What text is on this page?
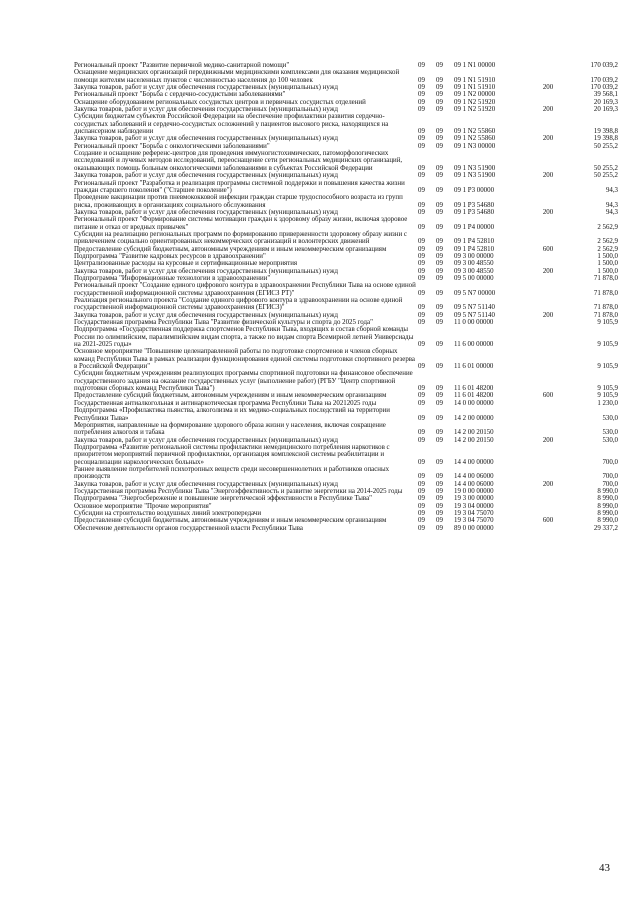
Региональный проект "Развитие первичной медико-санитарной помощи"	09	09	09 1 N1 00000		170 039,2
Оснащение медицинских организаций передвижными медицинскими комплексами для оказания медицинской помощи жителям населенных пунктов с численностью населения до 100 человек	09	09	09 1 N1 51910		170 039,2
Закупка товаров, работ и услуг для обеспечения государственных (муниципальных) нужд	09	09	09 1 N1 51910	200	170 039,2
Региональный проект "Борьба с сердечно-сосудистыми заболеваниями"	09	09	09 1 N2 00000		39 568,1
Оснащение оборудованием региональных сосудистых центров и первичных сосудистых отделений	09	09	09 1 N2 51920		20 169,3
Закупка товаров, работ и услуг для обеспечения государственных (муниципальных) нужд	09	09	09 1 N2 51920	200	20 169,3
Субсидии бюджетам субъектов Российской Федерации на обеспечение профилактики развития сердечно-сосудистых заболеваний и сердечно-сосудистых осложнений у пациентов высокого риска, находящихся на диспансерном наблюдении	09	09	09 1 N2 55860		19 398,8
Закупка товаров, работ и услуг для обеспечения государственных (муниципальных) нужд	09	09	09 1 N2 55860	200	19 398,8
Региональный проект "Борьба с онкологическими заболеваниями"	09	09	09 1 N3 00000		50 255,2
Создание и оснащение референс-центров для проведения иммуногистохимических, патоморфологических исследований и лучевых методов исследований, переоснащение сети региональных медицинских организаций, оказывающих помощь больным онкологическими заболеваниями в субъектах Российской Федерации	09	09	09 1 N3 51900		50 255,2
Закупка товаров, работ и услуг для обеспечения государственных (муниципальных) нужд	09	09	09 1 N3 51900	200	50 255,2
Региональный проект "Разработка и реализация программы системной поддержки и повышения качества жизни граждан старшего поколения" ("Старшее поколение")	09	09	09 1 P3 00000		94,3
Проведение вакцинации против пневмококковой инфекции граждан старше трудоспособного возраста из групп риска, проживающих в организациях социального обслуживания	09	09	09 1 P3 54680		94,3
Закупка товаров, работ и услуг для обеспечения государственных (муниципальных) нужд	09	09	09 1 P3 54680	200	94,3
Региональный проект "Формирование системы мотивации граждан к здоровому образу жизни, включая здоровое питание и отказ от вредных привычек"	09	09	09 1 P4 00000		2 562,9
Субсидии на реализацию региональных программ по формированию приверженности здоровому образу жизни с привлечением социально ориентированных некоммерческих организаций и волонтерских движений	09	09	09 1 P4 52810		2 562,9
Предоставление субсидий бюджетным, автономным учреждениям и иным некоммерческим организациям	09	09	09 1 P4 52810	600	2 562,9
Подпрограмма "Развитие кадровых ресурсов в здравоохранении"	09	09	09 3 00 00000		1 500,0
Централизованные расходы на курсовые и сертификационные мероприятия	09	09	09 3 00 48550		1 500,0
Закупка товаров, работ и услуг для обеспечения государственных (муниципальных) нужд	09	09	09 3 00 48550	200	1 500,0
Подпрограмма "Информационные технологии в здравоохранении"	09	09	09 5 00 00000		71 878,0
Региональный проект "Создание единого цифрового контура в здравоохранении Республики Тыва на основе единой государственной информационной системы здравоохранения (ЕГИСЗ РТ)"	09	09	09 5 N7 00000		71 878,0
Реализация регионального проекта "Создание единого цифрового контура в здравоохранении на основе единой государственной информационной системы здравоохранения (ЕГИСЗ)"	09	09	09 5 N7 51140		71 878,0
Закупка товаров, работ и услуг для обеспечения государственных (муниципальных) нужд	09	09	09 5 N7 51140	200	71 878,0
Государственная программа Республики Тыва "Развитие физической культуры и спорта до 2025 года"	09	09	11 0 00 00000		9 105,9
Подпрограмма «Государственная поддержка спортсменов Республики Тыва, входящих в состав сборной команды России по олимпийским, паралимпийским видам спорта, а также по видам спорта Всемирной летней Универсиады на 2021-2025 годы»	09	09	11 6 00 00000		9 105,9
Основное мероприятие "Повышение целенаправленной работы по подготовке спортсменов и членов сборных команд Республики Тыва в рамках реализации функционирования единой системы подготовки спортивного резерва в Российской Федерации"	09	09	11 6 01 00000		9 105,9
Субсидии бюджетным учреждениям реализующих программы спортивной подготовки на финансовое обеспечение государственного задания на оказание государственных услуг (выполнение работ) (РГБУ "Центр спортивной подготовки сборных команд Республики Тыва")	09	09	11 6 01 48200		9 105,9
Предоставление субсидий бюджетным, автономным учреждениям и иным некоммерческим организациям	09	09	11 6 01 48200	600	9 105,9
Государственная антиалкогольная и антинаркотическая программа Республики Тыва на 20212025 годы	09	09	14 0 00 00000		1 230,0
Подпрограмма «Профилактика пьянства, алкоголизма и их медико-социальных последствий на территории Республики Тыва»	09	09	14 2 00 00000		530,0
Мероприятия, направленные на формирование здорового образа жизни у населения, включая сокращение потребления алкоголя и табака	09	09	14 2 00 20150		530,0
Закупка товаров, работ и услуг для обеспечения государственных (муниципальных) нужд	09	09	14 2 00 20150	200	530,0
Подпрограмма «Развитие региональной системы профилактики немедицинского потребления наркотиков с приоритетом мероприятий первичной профилактики, организация комплексной системы реабилитации и ресоциализации наркологических больных»	09	09	14 4 00 00000		700,0
Раннее выявление потребителей психотропных веществ среди несовершеннолетних и работников опасных производств	09	09	14 4 00 06000		700,0
Закупка товаров, работ и услуг для обеспечения государственных (муниципальных) нужд	09	09	14 4 00 06000	200	700,0
Государственная программа Республики Тыва "Энергоэффективность и развитие энергетики на 2014-2025 годы	09	09	19 0 00 00000		8 990,0
Подпрограмма "Энергосбережение и повышение энергетической эффективности в Республике Тыва"	09	09	19 3 00 00000		8 990,0
Основное мероприятие "Прочие мероприятия"	09	09	19 3 04 00000		8 990,0
Субсидии на строительство воздушных линий электропередачи	09	09	19 3 04 75070		8 990,0
Предоставление субсидий бюджетным, автономным учреждениям и иным некоммерческим организациям	09	09	19 3 04 75070	600	8 990,0
Обеспечение деятельности органов государственной власти Республики Тыва	09	09	89 0 00 00000		29 337,2
43
